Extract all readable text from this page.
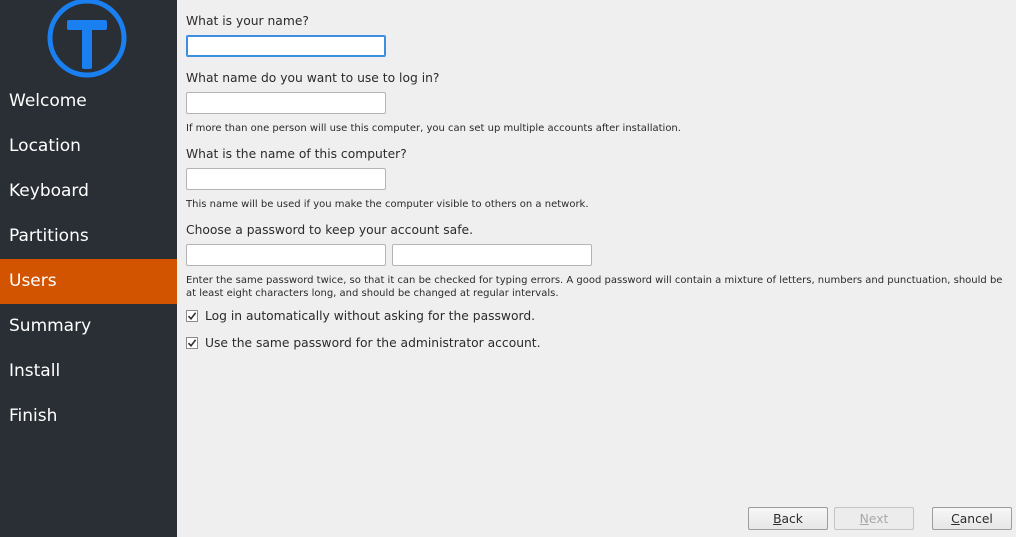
Welcome
Location
Keyboard
Partitions
Users
Summary
Install
Finish
What is your name?
What name do you want to use to log in?
If more than one person will use this computer, you can set up multiple accounts after installation.
What is the name of this computer?
This name will be used if you make the computer visible to others on a network.
Choose a password to keep your account safe.
Enter the same password twice, so that it can be checked for typing errors. A good password will contain a mixture of letters, numbers and punctuation, should be at least eight characters long, and should be changed at regular intervals.
Log in automatically without asking for the password.
Use the same password for the administrator account.
B ack	N ext	C ancel
